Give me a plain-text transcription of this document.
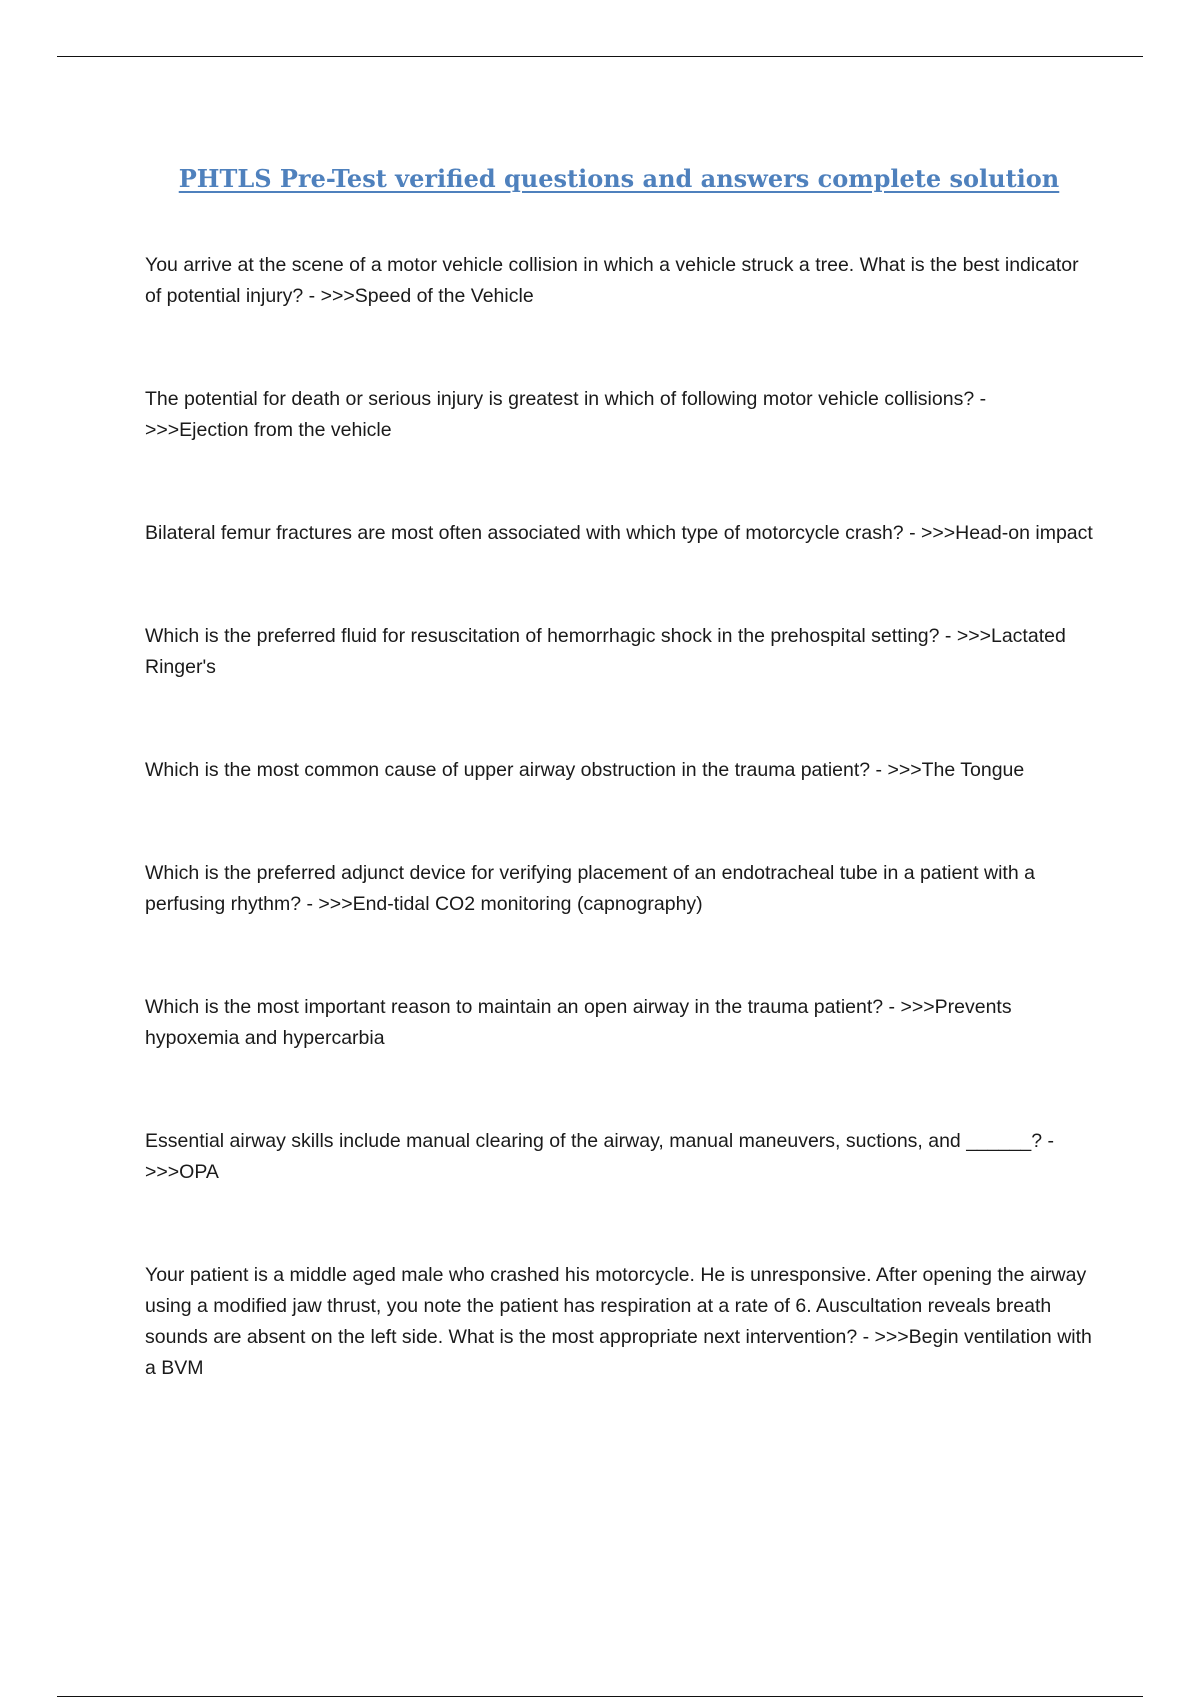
PHTLS Pre-Test verified questions and answers complete solution

You arrive at the scene of a motor vehicle collision in which a vehicle struck a tree. What is the best indicator of potential injury? - >>>Speed of the Vehicle

The potential for death or serious injury is greatest in which of following motor vehicle collisions? - >>>Ejection from the vehicle

Bilateral femur fractures are most often associated with which type of motorcycle crash? - >>>Head-on impact

Which is the preferred fluid for resuscitation of hemorrhagic shock in the prehospital setting? - >>>Lactated Ringer's

Which is the most common cause of upper airway obstruction in the trauma patient? - >>>The Tongue

Which is the preferred adjunct device for verifying placement of an endotracheal tube in a patient with a perfusing rhythm? - >>>End-tidal CO2 monitoring (capnography)

Which is the most important reason to maintain an open airway in the trauma patient? - >>>Prevents hypoxemia and hypercarbia

Essential airway skills include manual clearing of the airway, manual maneuvers, suctions, and ______? - >>>OPA

Your patient is a middle aged male who crashed his motorcycle. He is unresponsive. After opening the airway using a modified jaw thrust, you note the patient has respiration at a rate of 6. Auscultation reveals breath sounds are absent on the left side. What is the most appropriate next intervention? - >>>Begin ventilation with a BVM
